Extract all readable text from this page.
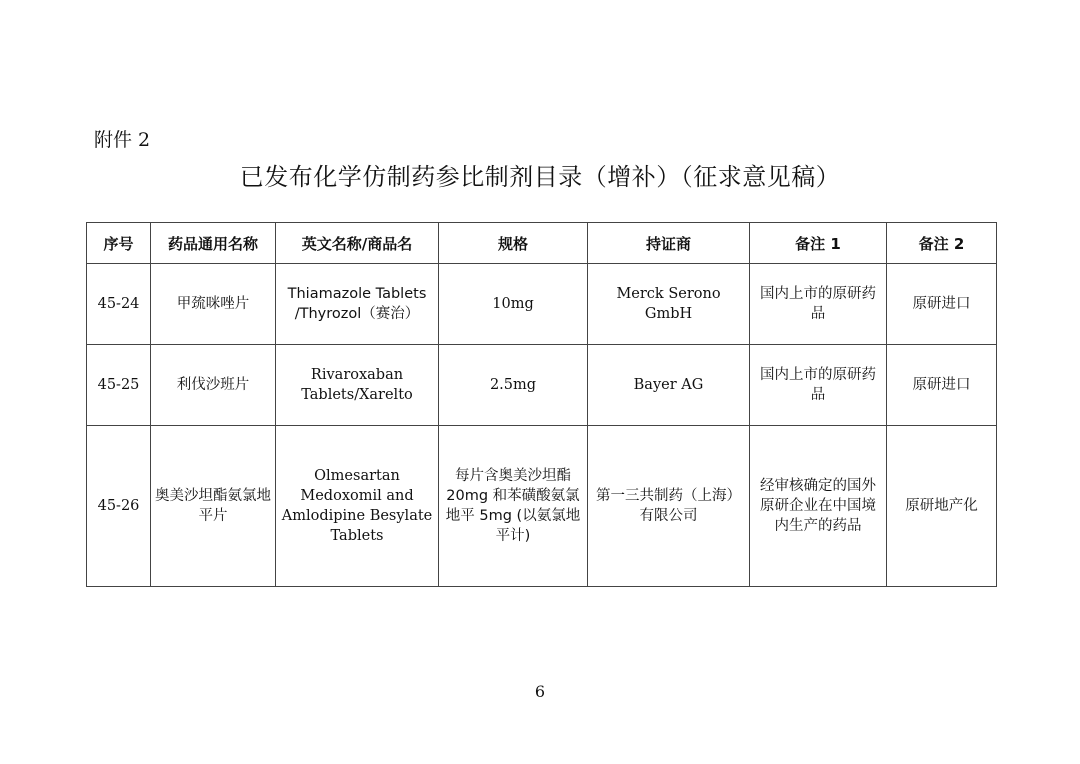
附件 2
已发布化学仿制药参比制剂目录（增补）（征求意见稿）
序号	药品通用名称	英文名称/商品名	规格	持证商	备注 1	备注 2
45-24	甲巯咪唑片	Thiamazole Tablets /Thyrozol（赛治）	10mg	Merck Serono GmbH	国内上市的原研药品	原研进口
45-25	利伐沙班片	Rivaroxaban Tablets/Xarelto	2.5mg	Bayer AG	国内上市的原研药品	原研进口
45-26	奥美沙坦酯氨氯地平片	Olmesartan Medoxomil and Amlodipine Besylate Tablets	每片含奥美沙坦酯 20mg 和苯磺酸氨氯地平 5mg (以氨氯地平计)	第一三共制药（上海）有限公司	经审核确定的国外原研企业在中国境内生产的药品	原研地产化
6
